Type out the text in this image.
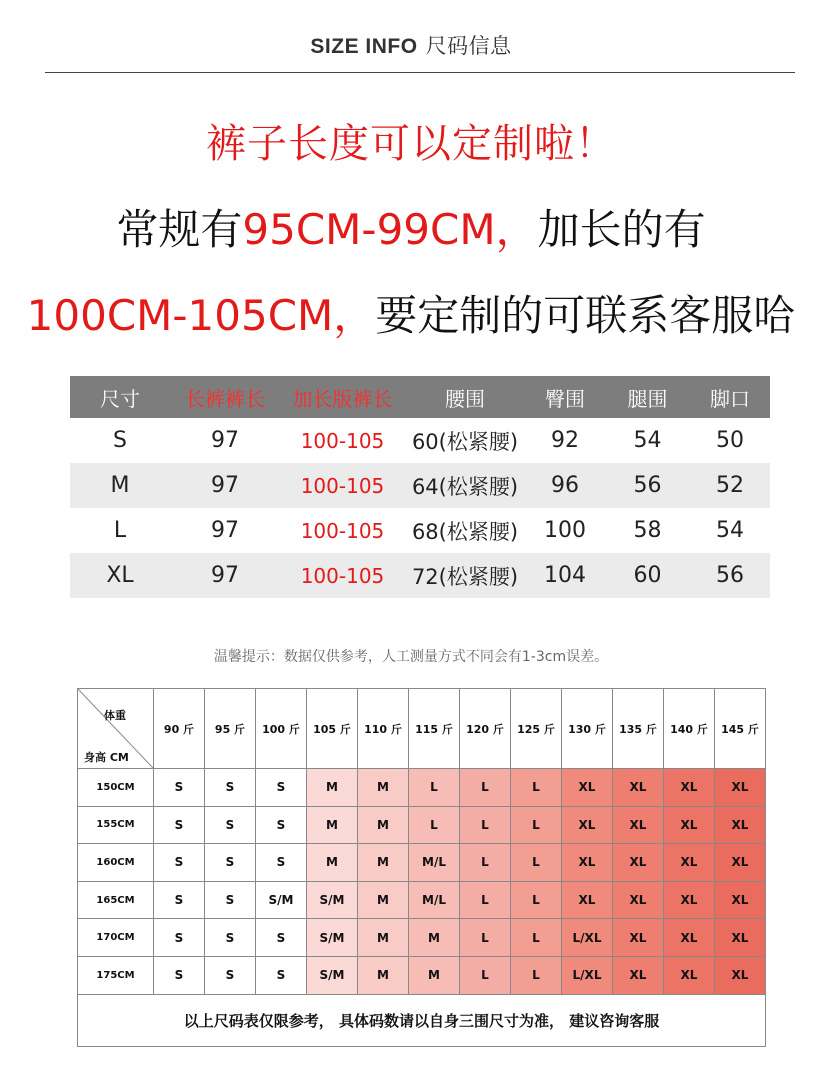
SIZE INFO 尺码信息
裤子长度可以定制啦！
常规有95CM-99CM，加长的有
100CM-105CM，要定制的可联系客服哈
尺寸	长裤裤长	加长版裤长	腰围	臀围	腿围	脚口
S	97	100-105	60(松紧腰)	92	54	50
M	97	100-105	64(松紧腰)	96	56	52
L	97	100-105	68(松紧腰)	100	58	54
XL	97	100-105	72(松紧腰)	104	60	56
温馨提示：数据仅供参考，人工测量方式不同会有1-3cm误差。
体重
身高 CM	90 斤	95 斤	100 斤	105 斤	110 斤	115 斤	120 斤	125 斤	130 斤	135 斤	140 斤	145 斤
150CM	S	S	S	M	M	L	L	L	XL	XL	XL	XL
155CM	S	S	S	M	M	L	L	L	XL	XL	XL	XL
160CM	S	S	S	M	M	M/L	L	L	XL	XL	XL	XL
165CM	S	S	S/M	S/M	M	M/L	L	L	XL	XL	XL	XL
170CM	S	S	S	S/M	M	M	L	L	L/XL	XL	XL	XL
175CM	S	S	S	S/M	M	M	L	L	L/XL	XL	XL	XL
以上尺码表仅限参考， 具体码数请以自身三围尺寸为准， 建议咨询客服												
